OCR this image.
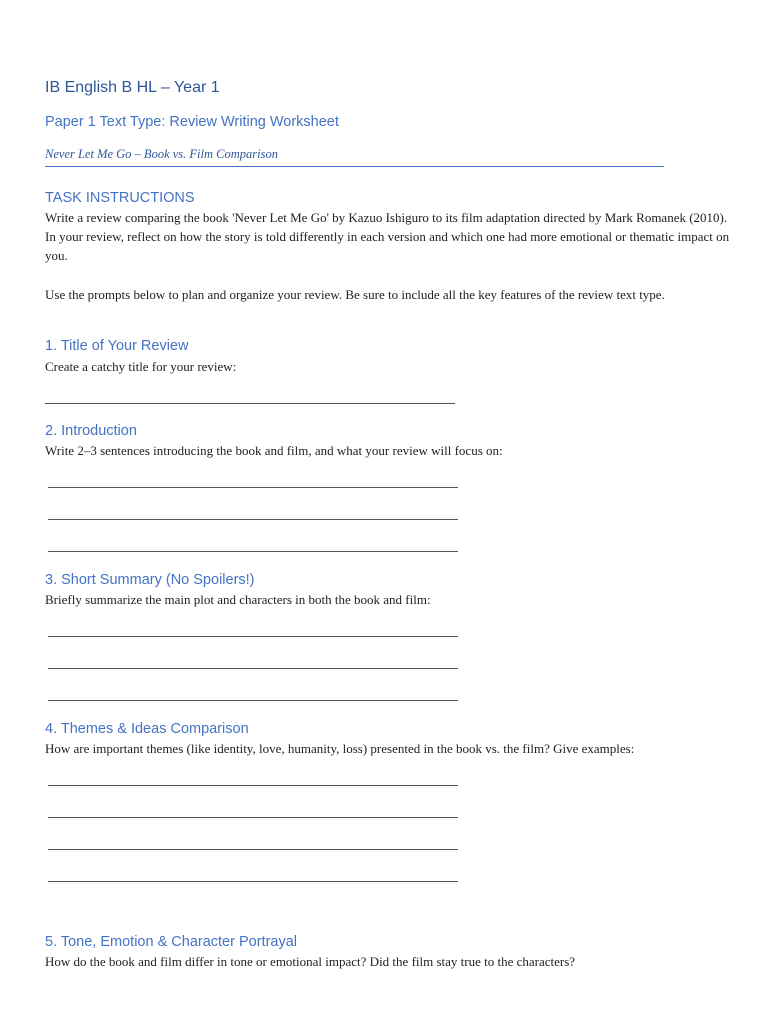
IB English B HL – Year 1
Paper 1 Text Type: Review Writing Worksheet
Never Let Me Go – Book vs. Film Comparison
TASK INSTRUCTIONS
Write a review comparing the book 'Never Let Me Go' by Kazuo Ishiguro to its film adaptation directed by Mark Romanek (2010). In your review, reflect on how the story is told differently in each version and which one had more emotional or thematic impact on you.
Use the prompts below to plan and organize your review. Be sure to include all the key features of the review text type.
1. Title of Your Review
Create a catchy title for your review:
2. Introduction
Write 2–3 sentences introducing the book and film, and what your review will focus on:
3. Short Summary (No Spoilers!)
Briefly summarize the main plot and characters in both the book and film:
4. Themes & Ideas Comparison
How are important themes (like identity, love, humanity, loss) presented in the book vs. the film? Give examples:
5. Tone, Emotion & Character Portrayal
How do the book and film differ in tone or emotional impact? Did the film stay true to the characters?
